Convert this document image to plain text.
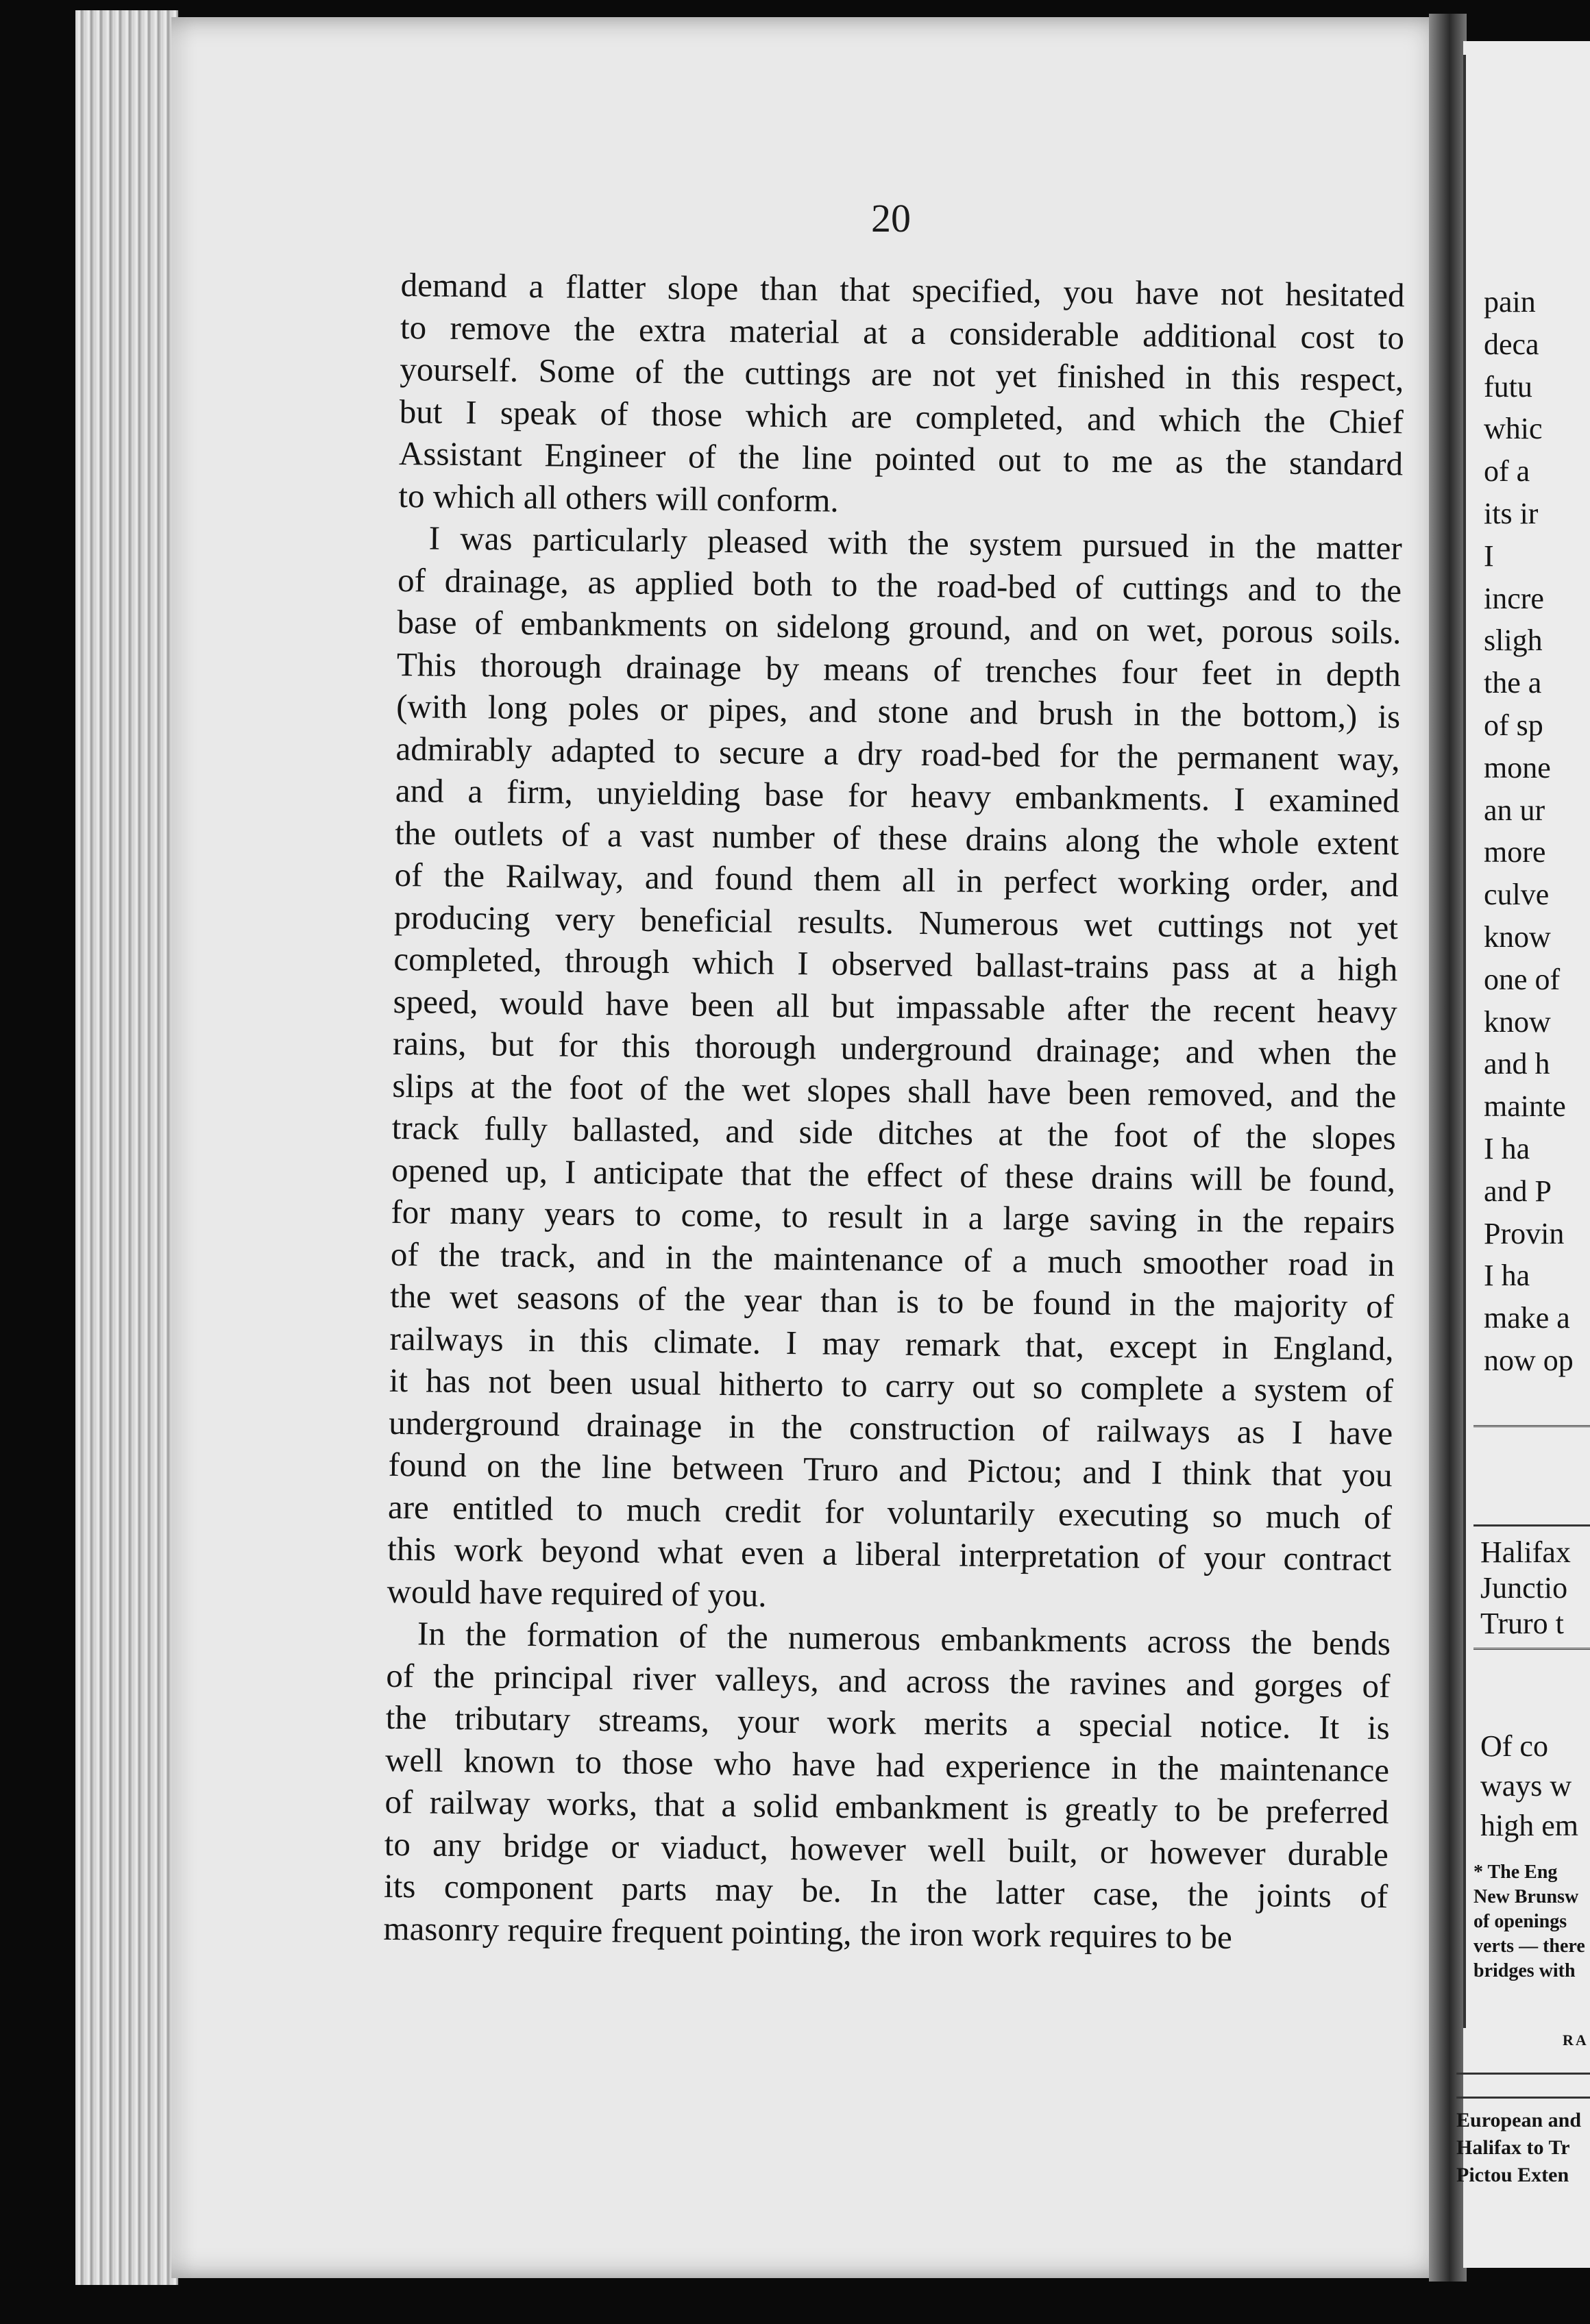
20
demand a flatter slope than that specified, you have not hesitated
to remove the extra material at a considerable additional cost to
yourself. Some of the cuttings are not yet finished in this respect,
but I speak of those which are completed, and which the Chief
Assistant Engineer of the line pointed out to me as the standard
to which all others will conform.
I was particularly pleased with the system pursued in the matter
of drainage, as applied both to the road-bed of cuttings and to the
base of embankments on sidelong ground, and on wet, porous soils.
This thorough drainage by means of trenches four feet in depth
(with long poles or pipes, and stone and brush in the bottom,) is
admirably adapted to secure a dry road-bed for the permanent way,
and a firm, unyielding base for heavy embankments. I examined
the outlets of a vast number of these drains along the whole extent
of the Railway, and found them all in perfect working order, and
producing very beneficial results. Numerous wet cuttings not yet
completed, through which I observed ballast-trains pass at a high
speed, would have been all but impassable after the recent heavy
rains, but for this thorough underground drainage; and when the
slips at the foot of the wet slopes shall have been removed, and the
track fully ballasted, and side ditches at the foot of the slopes
opened up, I anticipate that the effect of these drains will be found,
for many years to come, to result in a large saving in the repairs
of the track, and in the maintenance of a much smoother road in
the wet seasons of the year than is to be found in the majority of
railways in this climate. I may remark that, except in England,
it has not been usual hitherto to carry out so complete a system of
underground drainage in the construction of railways as I have
found on the line between Truro and Pictou; and I think that you
are entitled to much credit for voluntarily executing so much of
this work beyond what even a liberal interpretation of your contract
would have required of you.
In the formation of the numerous embankments across the bends
of the principal river valleys, and across the ravines and gorges of
the tributary streams, your work merits a special notice. It is
well known to those who have had experience in the maintenance
of railway works, that a solid embankment is greatly to be preferred
to any bridge or viaduct, however well built, or however durable
its component parts may be. In the latter case, the joints of
masonry require frequent pointing, the iron work requires to be
pain
deca
futu
whic
of a
its ir
I
incre
sligh
the a
of sp
mone
an ur
more
culve
know
one of
know
and h
mainte
I ha
and P
Provin
I ha
make a
now op
Halifax
Junctio
Truro t
Of co
ways w
high em
* The Eng
New Brunsw
of openings
verts — there
bridges with
RA
European and
Halifax to Tr
Pictou Exten
